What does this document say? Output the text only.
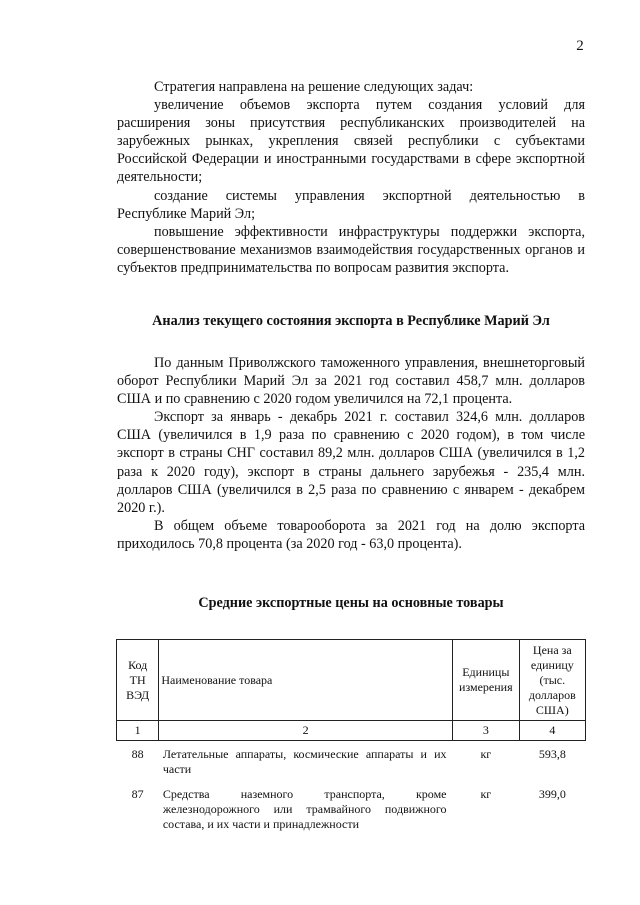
2

Стратегия направлена на решение следующих задач:

увеличение объемов экспорта путем создания условий для расширения зоны присутствия республиканских производителей на зарубежных рынках, укрепления связей республики с субъектами Российской Федерации и иностранными государствами в сфере экспортной деятельности;

создание системы управления экспортной деятельностью в Республике Марий Эл;

повышение эффективности инфраструктуры поддержки экспорта, совершенствование механизмов взаимодействия государственных органов и субъектов предпринимательства по вопросам развития экспорта.

Анализ текущего состояния экспорта в Республике Марий Эл

По данным Приволжского таможенного управления, внешнеторговый оборот Республики Марий Эл за 2021 год составил 458,7 млн. долларов США и по сравнению с 2020 годом увеличился на 72,1 процента.

Экспорт за январь - декабрь 2021 г. составил 324,6 млн. долларов США (увеличился в 1,9 раза по сравнению с 2020 годом), в том числе экспорт в страны СНГ составил 89,2 млн. долларов США (увеличился в 1,2 раза к 2020 году), экспорт в страны дальнего зарубежья - 235,4 млн. долларов США (увеличился в 2,5 раза по сравнению с январем - декабрем 2020 г.).

В общем объеме товарооборота за 2021 год на долю экспорта приходилось 70,8 процента (за 2020 год - 63,0 процента).

Средние экспортные цены на основные товары
Код ТН ВЭД	Наименование товара	Единицы измерения	Цена за единицу (тыс. долларов США)
1	2	3	4
88	Летательные аппараты, космические аппараты и их части	кг	593,8
87	Средства наземного транспорта, кроме железнодорожного или трамвайного подвижного состава, и их части и принадлежности	кг	399,0
